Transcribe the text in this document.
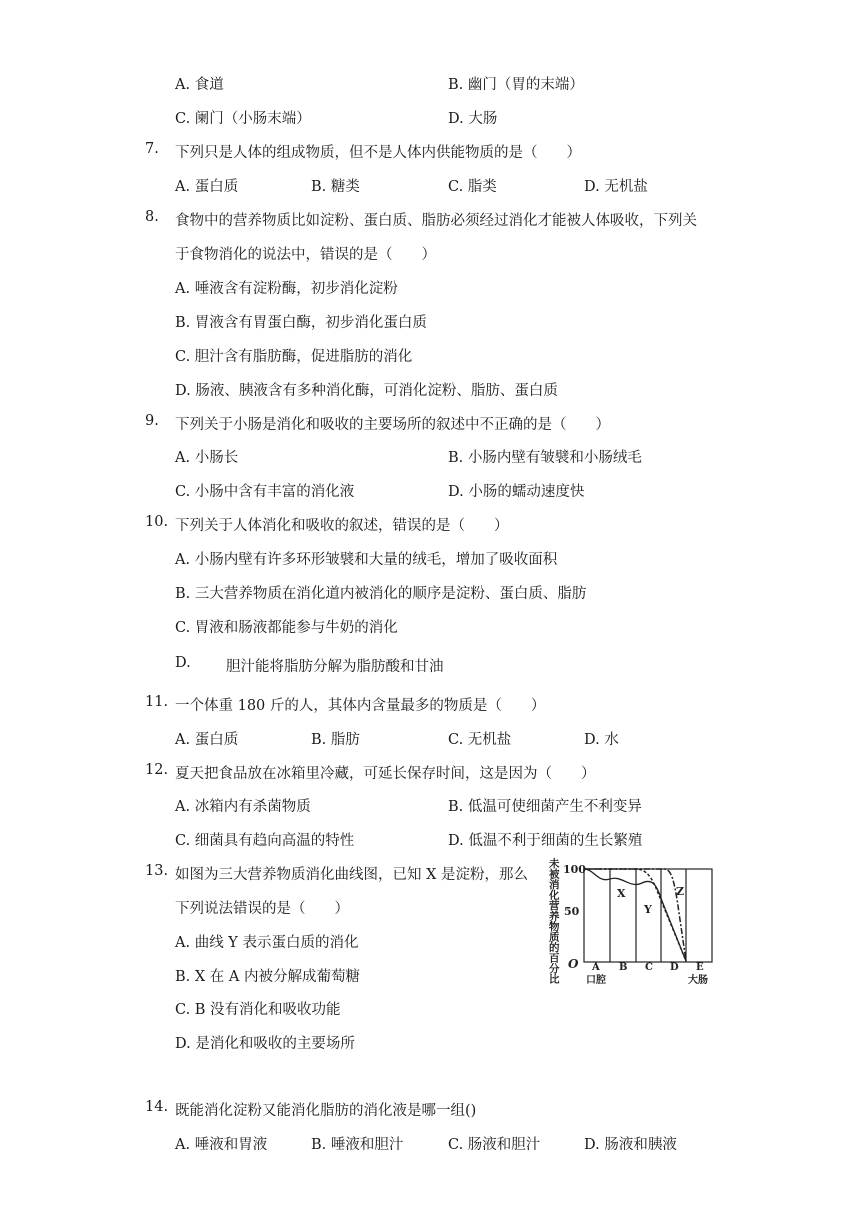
A. 食道	B. 幽门（胃的末端）
C. 阑门（小肠末端）	D. 大肠
7. 下列只是人体的组成物质，但不是人体内供能物质的是（　　）
A. 蛋白质	B. 糖类	C. 脂类	D. 无机盐
8. 食物中的营养物质比如淀粉、蛋白质、脂肪必须经过消化才能被人体吸收，下列关
于食物消化的说法中，错误的是（　　）
A. 唾液含有淀粉酶，初步消化淀粉
B. 胃液含有胃蛋白酶，初步消化蛋白质
C. 胆汁含有脂肪酶，促进脂肪的消化
D. 肠液、胰液含有多种消化酶，可消化淀粉、脂肪、蛋白质
9. 下列关于小肠是消化和吸收的主要场所的叙述中不正确的是（　　）
A. 小肠长	B. 小肠内壁有皱襞和小肠绒毛
C. 小肠中含有丰富的消化液	D. 小肠的蠕动速度快
10. 下列关于人体消化和吸收的叙述，错误的是（　　）
A. 小肠内壁有许多环形皱襞和大量的绒毛，增加了吸收面积
B. 三大营养物质在消化道内被消化的顺序是淀粉、蛋白质、脂肪
C. 胃液和肠液都能参与牛奶的消化
D. 胆汁能将脂肪分解为脂肪酸和甘油
11. 一个体重 180 斤的人，其体内含量最多的物质是（　　）
A. 蛋白质	B. 脂肪	C. 无机盐	D. 水
12. 夏天把食品放在冰箱里冷藏，可延长保存时间，这是因为（　　）
A. 冰箱内有杀菌物质	B. 低温可使细菌产生不利变异
C. 细菌具有趋向高温的特性	D. 低温不利于细菌的生长繁殖
13. 如图为三大营养物质消化曲线图，已知 X 是淀粉，那么
下列说法错误的是（　　）
A. 曲线 Y 表示蛋白质的消化
B. X 在 A 内被分解成葡萄糖
C. B 没有消化和吸收功能
D. 是消化和吸收的主要场所
未
被
消
化
营
养
物
质
的
百
分
比
100
50
O
X
Y
Z
A B C D E
口腔	大肠
14. 既能消化淀粉又能消化脂肪的消化液是哪一组()
A. 唾液和胃液	B. 唾液和胆汁	C. 肠液和胆汁	D. 肠液和胰液
